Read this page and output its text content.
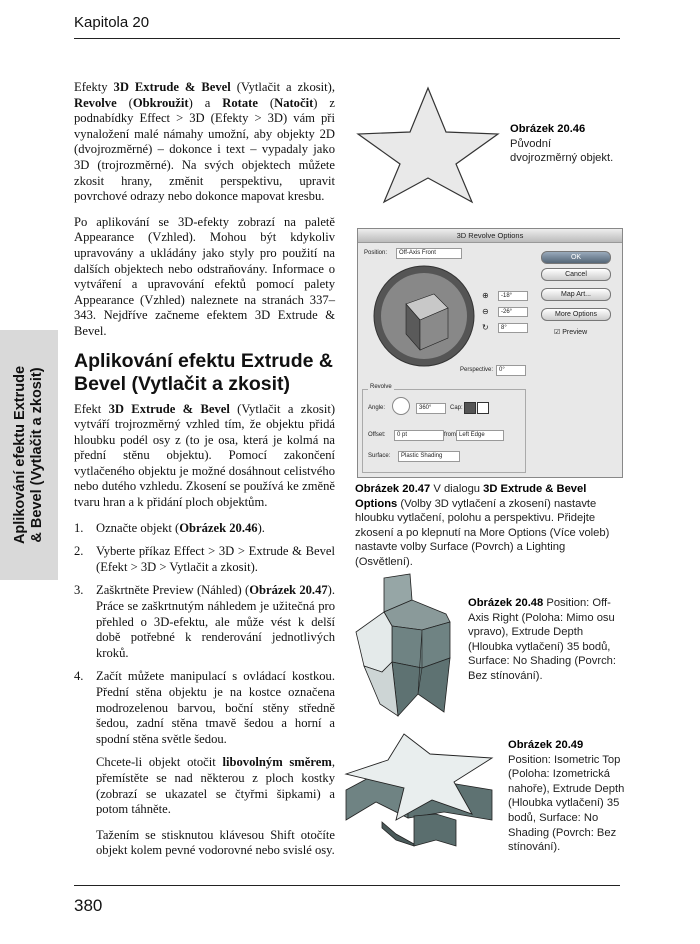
Kapitola 20
Aplikování efektu Extrude & Bevel (Vytlačit a zkosit)

Efekty 3D Extrude & Bevel (Vytlačit a zkosit), Revolve (Obkroužit) a Rotate (Natočit) z podnabídky Effect > 3D (Efekty > 3D) vám při vynaložení malé námahy umožní, aby objekty 2D (dvojrozměrné) – dokonce i text – vypadaly jako 3D (trojrozměrné). Na svých objektech můžete zkosit hrany, změnit perspektivu, upravit povrchové odrazy nebo dokonce mapovat kresbu.

Po aplikování se 3D-efekty zobrazí na paletě Appearance (Vzhled). Mohou být kdykoliv upravovány a ukládány jako styly pro použití na dalších objektech nebo odstraňovány. Informace o vytváření a upravování efektů pomocí palety Appearance (Vzhled) naleznete na stranách 337–343. Nejdříve začneme efektem 3D Extrude & Bevel.

Aplikování efektu Extrude & Bevel (Vytlačit a zkosit)

Efekt 3D Extrude & Bevel (Vytlačit a zkosit) vytváří trojrozměrný vzhled tím, že objektu přidá hloubku podél osy z (to je osa, která je kolmá na přední stěnu objektu). Pomocí zakončení vytlačeného objektu je možné dosáhnout celistvého nebo dutého vzhledu. Zkosení se používá ke změně tvaru hran a k přidání ploch objektům.

1. Označte objekt (Obrázek 20.46).
2. Vyberte příkaz Effect > 3D > Extrude & Bevel (Efekt > 3D > Vytlačit a zkosit).
3. Zaškrtněte Preview (Náhled) (Obrázek 20.47). Práce se zaškrtnutým náhledem je užitečná pro přehled o 3D-efektu, ale může vést k delší době potřebné k renderování jednotlivých kroků.
4. Začít můžete manipulací s ovládací kostkou. Přední stěna objektu je na kostce označena modrozelenou barvou, boční stěny středně šedou, zadní stěna tmavě šedou a horní a spodní stěna světle šedou.

Chcete-li objekt otočit libovolným směrem, přemístěte se nad některou z ploch kostky (zobrazí se ukazatel se čtyřmi šipkami) a potom táhněte.

Tažením se stisknutou klávesou Shift otočíte objekt kolem pevné vodorovné nebo svislé osy.

Obrázek 20.46
Původní dvojrozměrný objekt.
3D Revolve Options
Position:	Off-Axis Front
OK
Cancel
Map Art...
More Options
☑ Preview
⊕	-18°
⊖	-26°
↻	8°
Perspective: 0°
Revolve
Angle:	360°	Cap:
Offset:	0 pt	from Left Edge
Surface:	Plastic Shading
Obrázek 20.47 V dialogu 3D Extrude & Bevel Options (Volby 3D vytlačení a zkosení) nastavte hloubku vytlačení, polohu a perspektivu. Přidejte zkosení a po klepnutí na More Options (Více voleb) nastavte volby Surface (Povrch) a Lighting (Osvětlení).
Obrázek 20.48 Position: Off-Axis Right (Poloha: Mimo osu vpravo), Extrude Depth (Hloubka vytlačení) 35 bodů, Surface: No Shading (Povrch: Bez stínování).
Obrázek 20.49 Position: Isometric Top (Poloha: Izometrická nahoře), Extrude Depth (Hloubka vytlačení) 35 bodů, Surface: No Shading (Povrch: Bez stínování).
380
